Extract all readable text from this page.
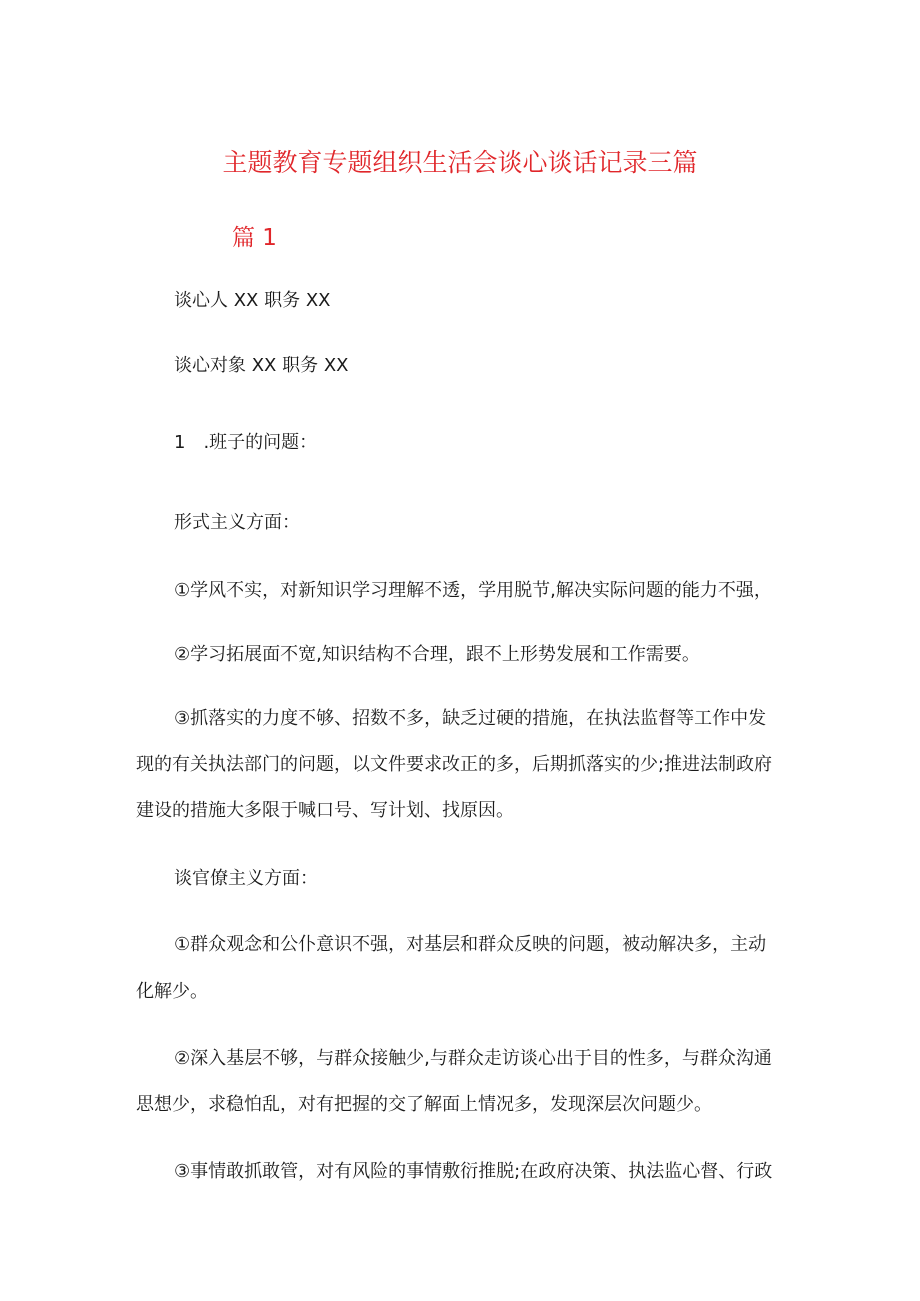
主题教育专题组织生活会谈心谈话记录三篇
篇 1
谈心人 XX 职务 XX
谈心对象 XX 职务 XX
1　.班子的问题：
形式主义方面：
①学风不实，对新知识学习理解不透，学用脱节,解决实际问题的能力不强，
②学习拓展面不宽,知识结构不合理，跟不上形势发展和工作需要。
③抓落实的力度不够、招数不多，缺乏过硬的措施，在执法监督等工作中发
现的有关执法部门的问题，以文件要求改正的多，后期抓落实的少;推进法制政府
建设的措施大多限于喊口号、写计划、找原因。
谈官僚主义方面：
①群众观念和公仆意识不强，对基层和群众反映的问题，被动解决多，主动
化解少。
②深入基层不够，与群众接触少,与群众走访谈心出于目的性多，与群众沟通
思想少，求稳怕乱，对有把握的交了解面上情况多，发现深层次问题少。
③事情敢抓敢管，对有风险的事情敷衍推脱;在政府决策、执法监心督、行政
